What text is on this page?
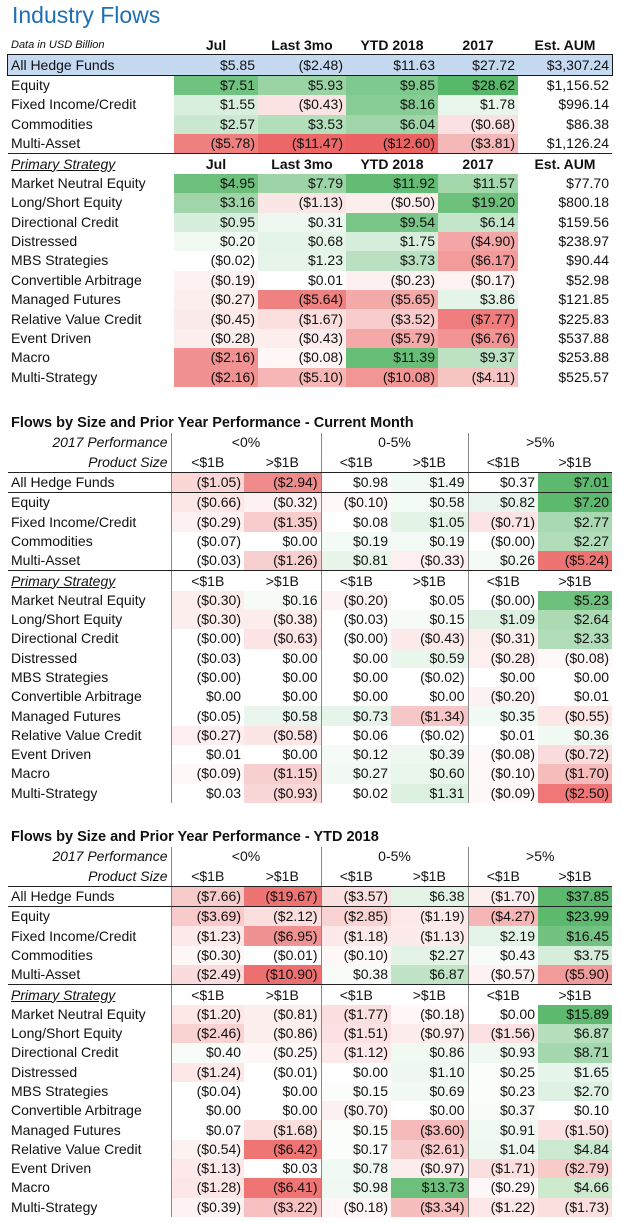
Industry Flows
Data in USD Billion	Jul	Last 3mo	YTD 2018	2017	Est. AUM
All Hedge Funds	$5.85	($2.48)	$11.63	$27.72	$3,307.24
Equity	$7.51	$5.93	$9.85	$28.62	$1,156.52
Fixed Income/Credit	$1.55	($0.43)	$8.16	$1.78	$996.14
Commodities	$2.57	$3.53	$6.04	($0.68)	$86.38
Multi-Asset	($5.78)	($11.47)	($12.60)	($3.81)	$1,126.24
Primary Strategy	Jul	Last 3mo	YTD 2018	2017	Est. AUM
Market Neutral Equity	$4.95	$7.79	$11.92	$11.57	$77.70
Long/Short Equity	$3.16	($1.13)	($0.50)	$19.20	$800.18
Directional Credit	$0.95	$0.31	$9.54	$6.14	$159.56
Distressed	$0.20	$0.68	$1.75	($4.90)	$238.97
MBS Strategies	($0.02)	$1.23	$3.73	($6.17)	$90.44
Convertible Arbitrage	($0.19)	$0.01	($0.23)	($0.17)	$52.98
Managed Futures	($0.27)	($5.64)	($5.65)	$3.86	$121.85
Relative Value Credit	($0.45)	($1.67)	($3.52)	($7.77)	$225.83
Event Driven	($0.28)	($0.43)	($5.79)	($6.76)	$537.88
Macro	($2.16)	($0.08)	$11.39	$9.37	$253.88
Multi-Strategy	($2.16)	($5.10)	($10.08)	($4.11)	$525.57
Flows by Size and Prior Year Performance - Current Month						
2017 Performance	<0%		0-5%		>5%	
Product Size	<$1B	>$1B	<$1B	>$1B	<$1B	>$1B
All Hedge Funds	($1.05)	($2.94)	$0.98	$1.49	$0.37	$7.01
Equity	($0.66)	($0.32)	($0.10)	$0.58	$0.82	$7.20
Fixed Income/Credit	($0.29)	($1.35)	$0.08	$1.05	($0.71)	$2.77
Commodities	($0.07)	$0.00	$0.19	$0.19	($0.00)	$2.27
Multi-Asset	($0.03)	($1.26)	$0.81	($0.33)	$0.26	($5.24)
Primary Strategy	<$1B	>$1B	<$1B	>$1B	<$1B	>$1B
Market Neutral Equity	($0.30)	$0.16	($0.20)	$0.05	($0.00)	$5.23
Long/Short Equity	($0.30)	($0.38)	($0.03)	$0.15	$1.09	$2.64
Directional Credit	($0.00)	($0.63)	($0.00)	($0.43)	($0.31)	$2.33
Distressed	($0.03)	$0.00	$0.00	$0.59	($0.28)	($0.08)
MBS Strategies	($0.00)	$0.00	$0.00	($0.02)	$0.00	$0.00
Convertible Arbitrage	$0.00	$0.00	$0.00	$0.00	($0.20)	$0.01
Managed Futures	($0.05)	$0.58	$0.73	($1.34)	$0.35	($0.55)
Relative Value Credit	($0.27)	($0.58)	$0.06	($0.02)	$0.01	$0.36
Event Driven	$0.01	$0.00	$0.12	$0.39	($0.08)	($0.72)
Macro	($0.09)	($1.15)	$0.27	$0.60	($0.10)	($1.70)
Multi-Strategy	$0.03	($0.93)	$0.02	$1.31	($0.09)	($2.50)
Flows by Size and Prior Year Performance - YTD 2018						
2017 Performance	<0%		0-5%		>5%	
Product Size	<$1B	>$1B	<$1B	>$1B	<$1B	>$1B
All Hedge Funds	($7.66)	($19.67)	($3.57)	$6.38	($1.70)	$37.85
Equity	($3.69)	($2.12)	($2.85)	($1.19)	($4.27)	$23.99
Fixed Income/Credit	($1.23)	($6.95)	($1.18)	($1.13)	$2.19	$16.45
Commodities	($0.30)	($0.01)	($0.10)	$2.27	$0.43	$3.75
Multi-Asset	($2.49)	($10.90)	$0.38	$6.87	($0.57)	($5.90)
Primary Strategy	<$1B	>$1B	<$1B	>$1B	<$1B	>$1B
Market Neutral Equity	($1.20)	($0.81)	($1.77)	($0.18)	$0.00	$15.89
Long/Short Equity	($2.46)	($0.86)	($1.51)	($0.97)	($1.56)	$6.87
Directional Credit	$0.40	($0.25)	($1.12)	$0.86	$0.93	$8.71
Distressed	($1.24)	($0.01)	$0.00	$1.10	$0.25	$1.65
MBS Strategies	($0.04)	$0.00	$0.15	$0.69	$0.23	$2.70
Convertible Arbitrage	$0.00	$0.00	($0.70)	$0.00	$0.37	$0.10
Managed Futures	$0.07	($1.68)	$0.15	($3.60)	$0.91	($1.50)
Relative Value Credit	($0.54)	($6.42)	$0.17	($2.61)	$1.04	$4.84
Event Driven	($1.13)	$0.03	$0.78	($0.97)	($1.71)	($2.79)
Macro	($1.28)	($6.41)	$0.98	$13.73	($0.29)	$4.66
Multi-Strategy	($0.39)	($3.22)	($0.18)	($3.34)	($1.22)	($1.73)
